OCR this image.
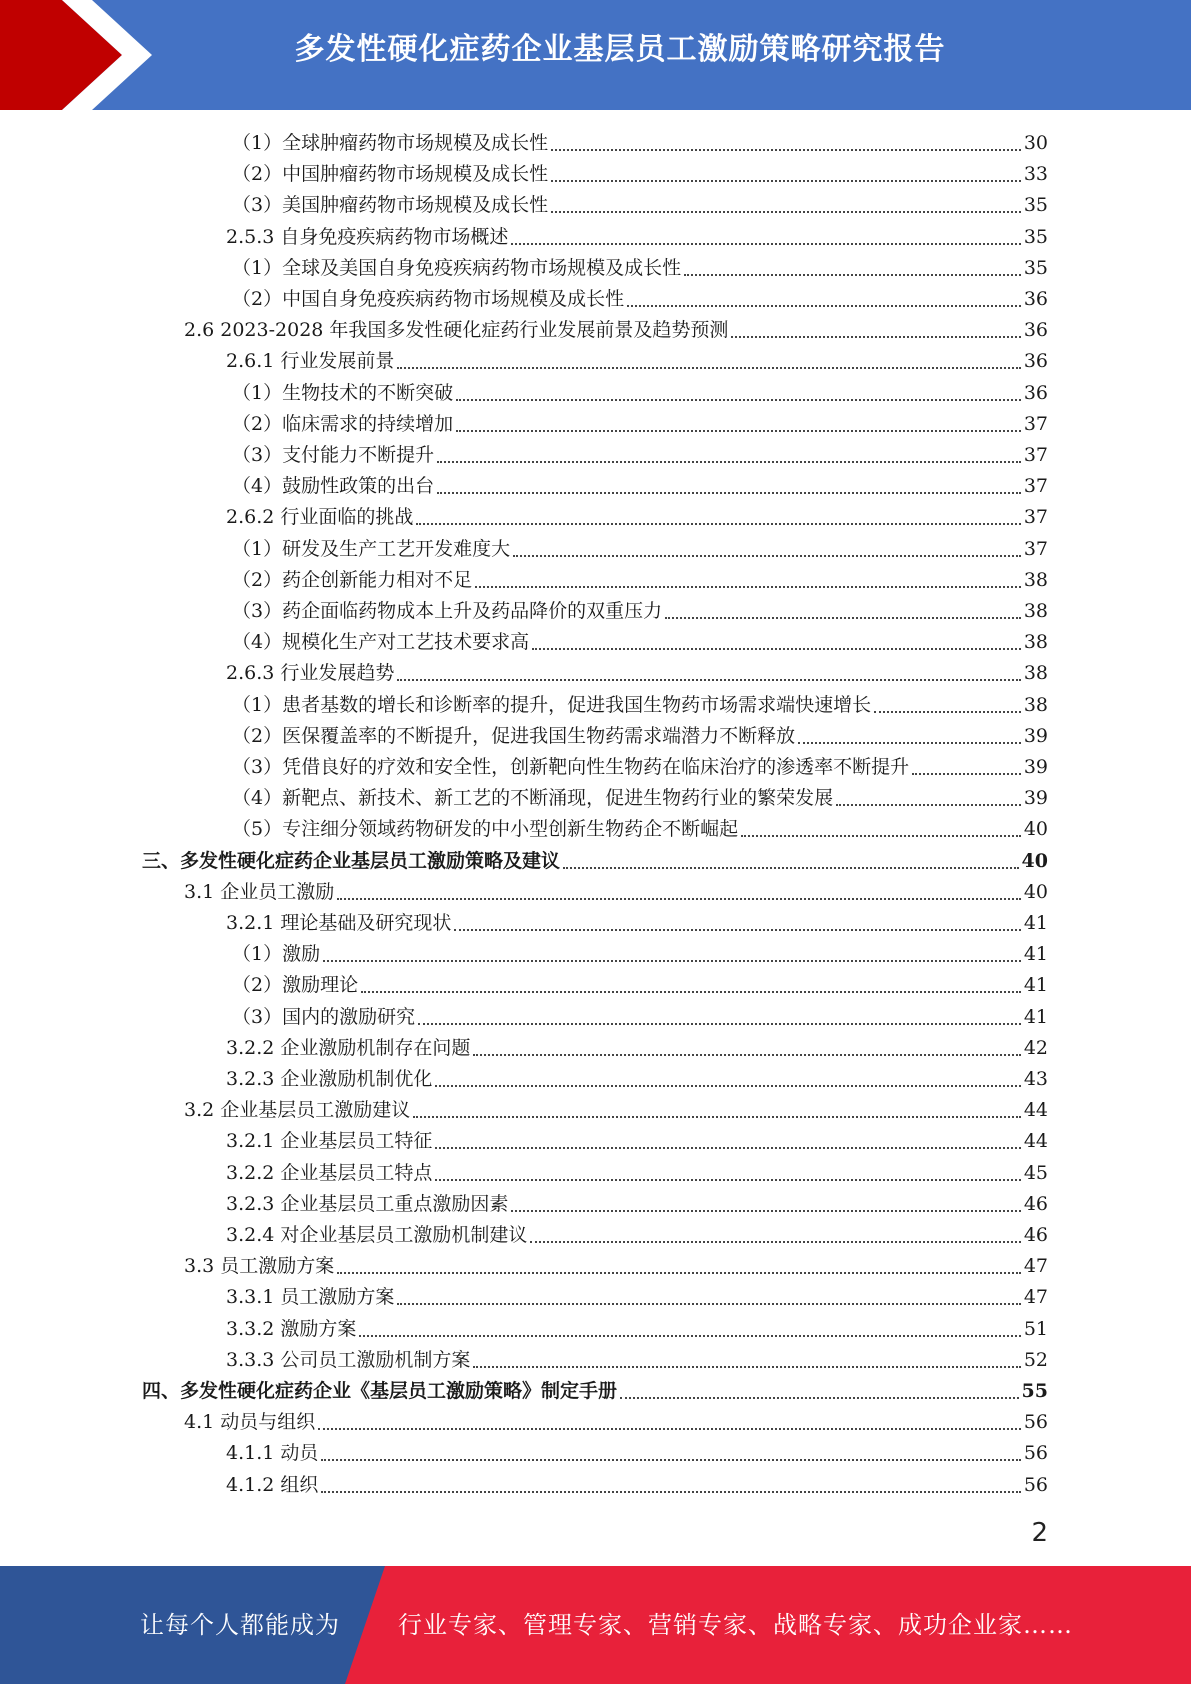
多发性硬化症药企业基层员工激励策略研究报告
（1）全球肿瘤药物市场规模及成长性	30
（2）中国肿瘤药物市场规模及成长性	33
（3）美国肿瘤药物市场规模及成长性	35
2.5.3 自身免疫疾病药物市场概述	35
（1）全球及美国自身免疫疾病药物市场规模及成长性	35
（2）中国自身免疫疾病药物市场规模及成长性	36
2.6 2023-2028 年我国多发性硬化症药行业发展前景及趋势预测	36
2.6.1 行业发展前景	36
（1）生物技术的不断突破	36
（2）临床需求的持续增加	37
（3）支付能力不断提升	37
（4）鼓励性政策的出台	37
2.6.2 行业面临的挑战	37
（1）研发及生产工艺开发难度大	37
（2）药企创新能力相对不足	38
（3）药企面临药物成本上升及药品降价的双重压力	38
（4）规模化生产对工艺技术要求高	38
2.6.3 行业发展趋势	38
（1）患者基数的增长和诊断率的提升，促进我国生物药市场需求端快速增长	38
（2）医保覆盖率的不断提升，促进我国生物药需求端潜力不断释放	39
（3）凭借良好的疗效和安全性，创新靶向性生物药在临床治疗的渗透率不断提升	39
（4）新靶点、新技术、新工艺的不断涌现，促进生物药行业的繁荣发展	39
（5）专注细分领域药物研发的中小型创新生物药企不断崛起	40
三、多发性硬化症药企业基层员工激励策略及建议	40
3.1 企业员工激励	40
3.2.1 理论基础及研究现状	41
（1）激励	41
（2）激励理论	41
（3）国内的激励研究	41
3.2.2 企业激励机制存在问题	42
3.2.3 企业激励机制优化	43
3.2 企业基层员工激励建议	44
3.2.1 企业基层员工特征	44
3.2.2 企业基层员工特点	45
3.2.3 企业基层员工重点激励因素	46
3.2.4 对企业基层员工激励机制建议	46
3.3 员工激励方案	47
3.3.1 员工激励方案	47
3.3.2 激励方案	51
3.3.3 公司员工激励机制方案	52
四、多发性硬化症药企业《基层员工激励策略》制定手册	55
4.1 动员与组织	56
4.1.1 动员	56
4.1.2 组织	56
2
让每个人都能成为 行业专家、管理专家、营销专家、战略专家、成功企业家……
